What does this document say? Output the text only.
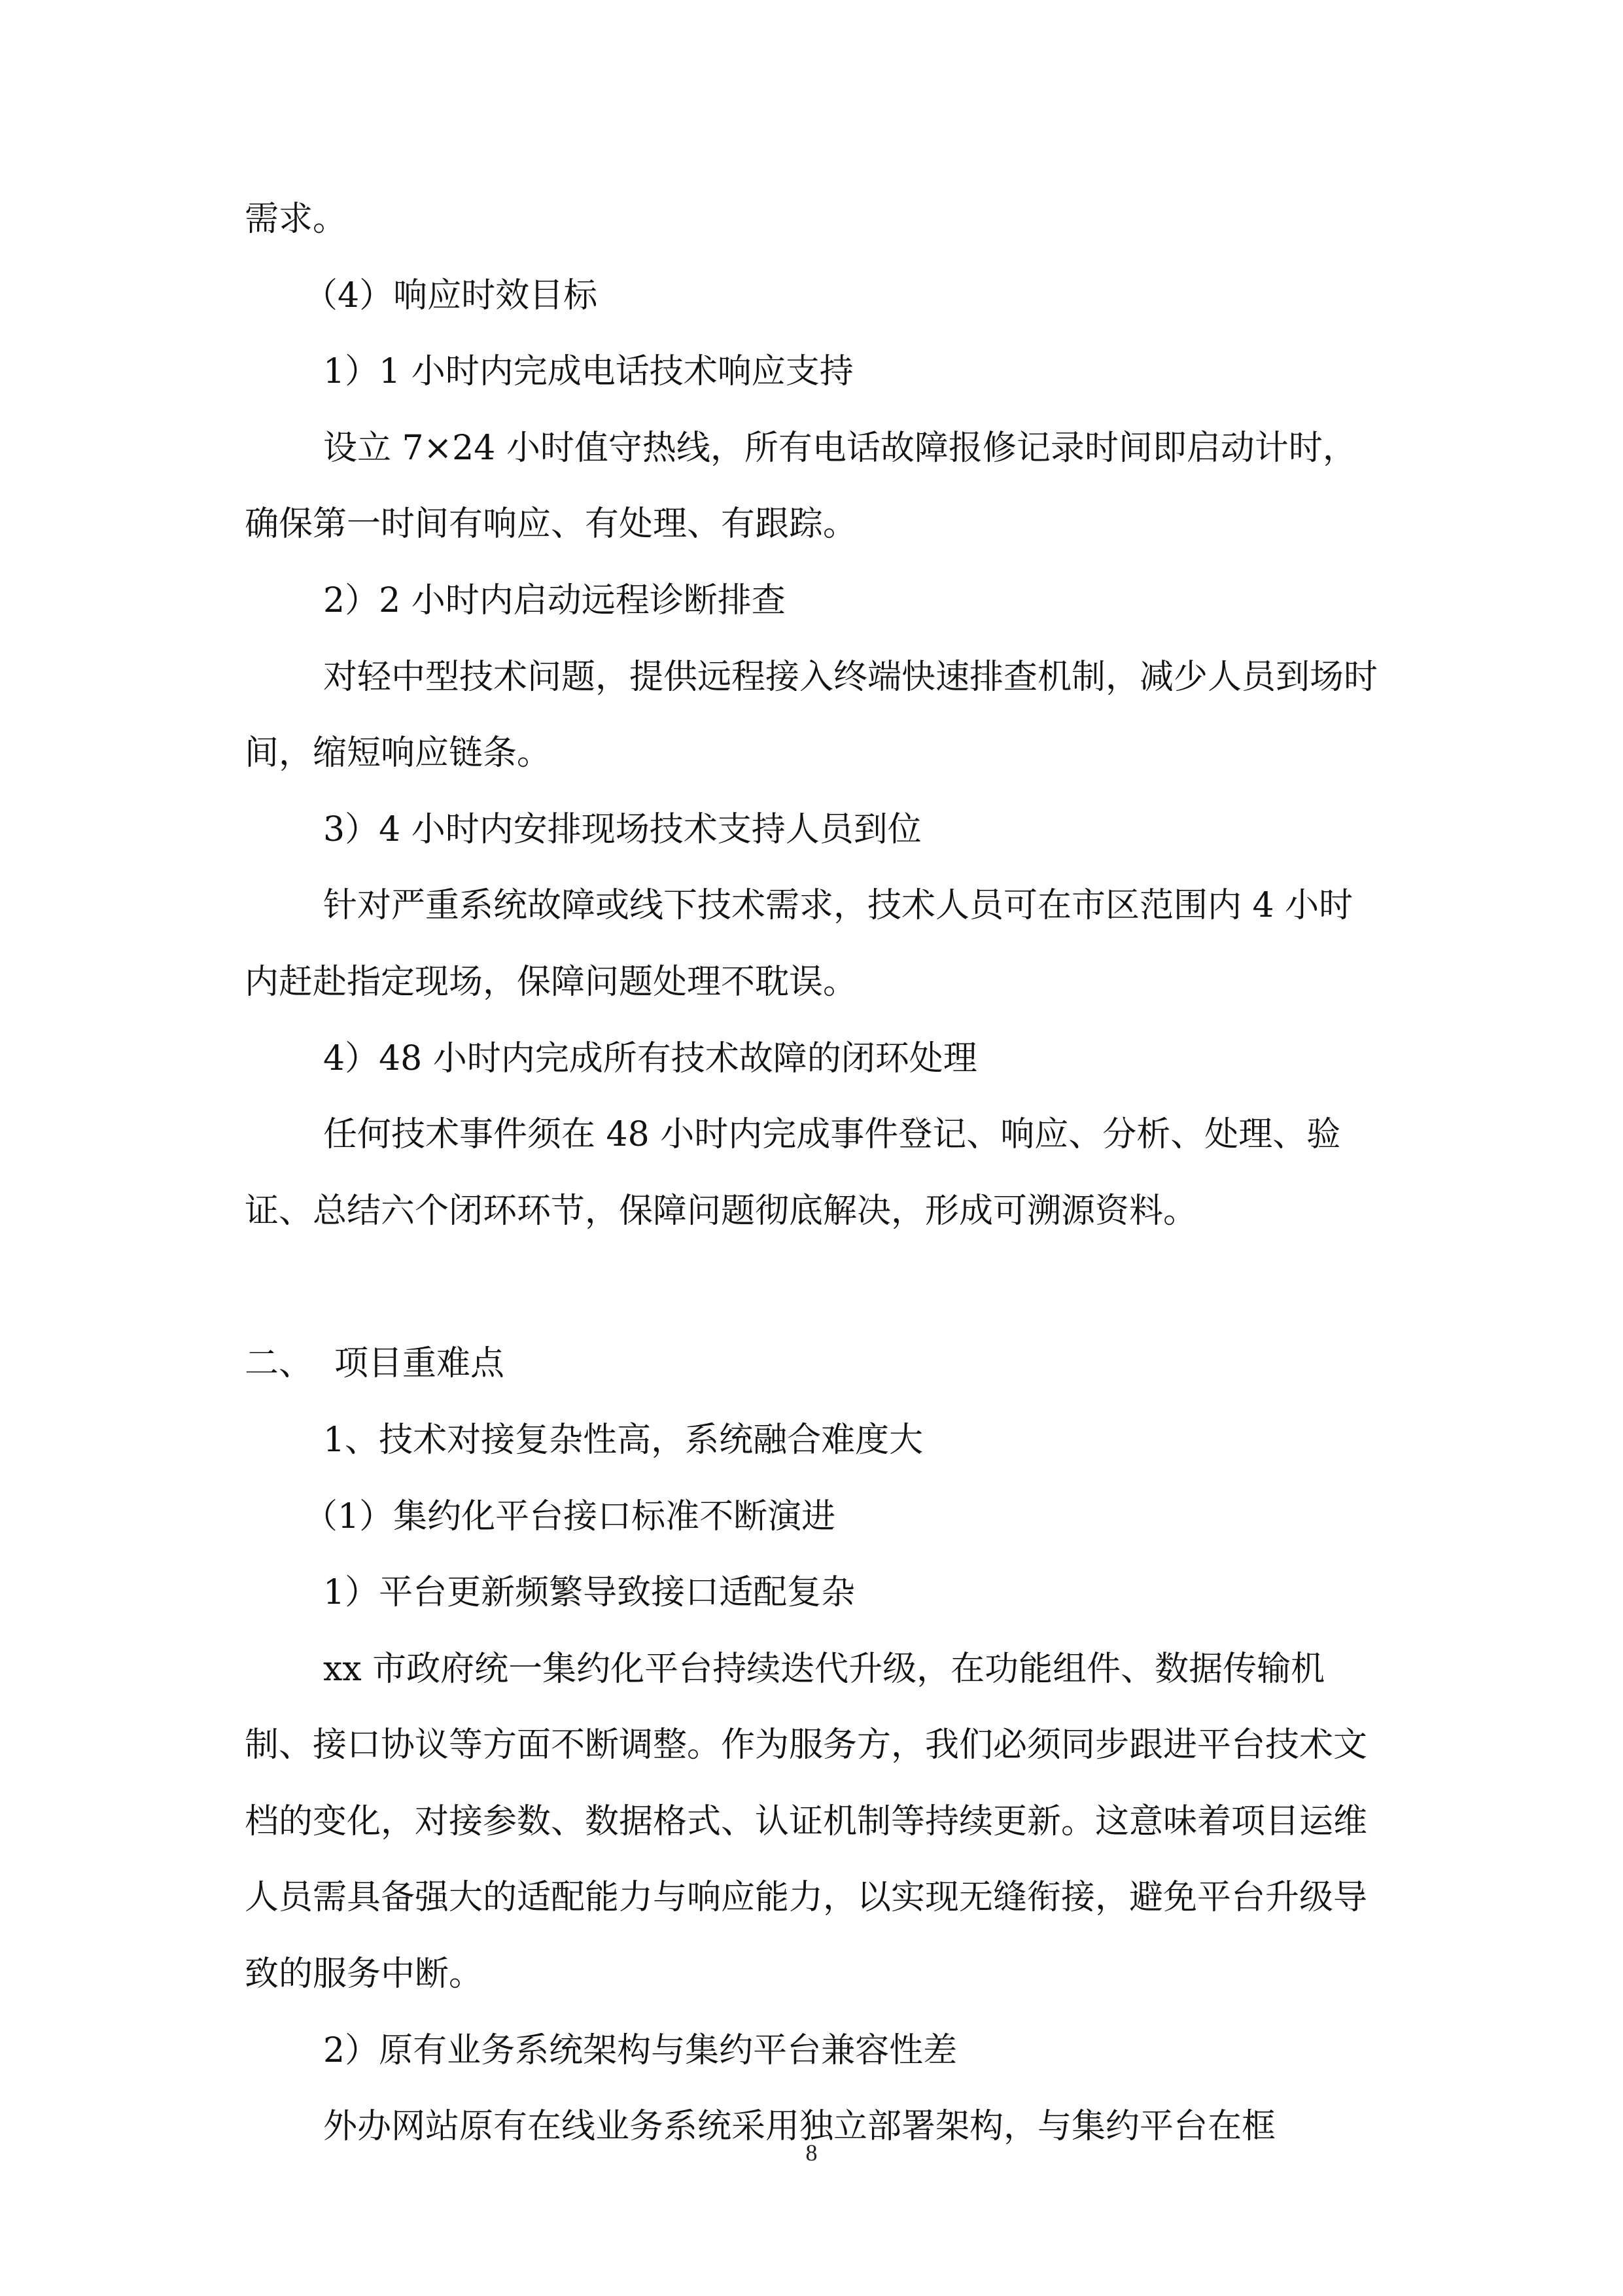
需求。

（4）响应时效目标

1）1 小时内完成电话技术响应支持

设立 7×24 小时值守热线，所有电话故障报修记录时间即启动计时，确保第一时间有响应、有处理、有跟踪。

2）2 小时内启动远程诊断排查

对轻中型技术问题，提供远程接入终端快速排查机制，减少人员到场时间，缩短响应链条。

3）4 小时内安排现场技术支持人员到位

针对严重系统故障或线下技术需求，技术人员可在市区范围内 4 小时内赶赴指定现场，保障问题处理不耽误。

4）48 小时内完成所有技术故障的闭环处理

任何技术事件须在 48 小时内完成事件登记、响应、分析、处理、验证、总结六个闭环环节，保障问题彻底解决，形成可溯源资料。

二、  项目重难点

1、技术对接复杂性高，系统融合难度大

（1）集约化平台接口标准不断演进

1）平台更新频繁导致接口适配复杂

xx 市政府统一集约化平台持续迭代升级，在功能组件、数据传输机制、接口协议等方面不断调整。作为服务方，我们必须同步跟进平台技术文档的变化，对接参数、数据格式、认证机制等持续更新。这意味着项目运维人员需具备强大的适配能力与响应能力，以实现无缝衔接，避免平台升级导致的服务中断。

2）原有业务系统架构与集约平台兼容性差

外办网站原有在线业务系统采用独立部署架构，与集约平台在框

8
